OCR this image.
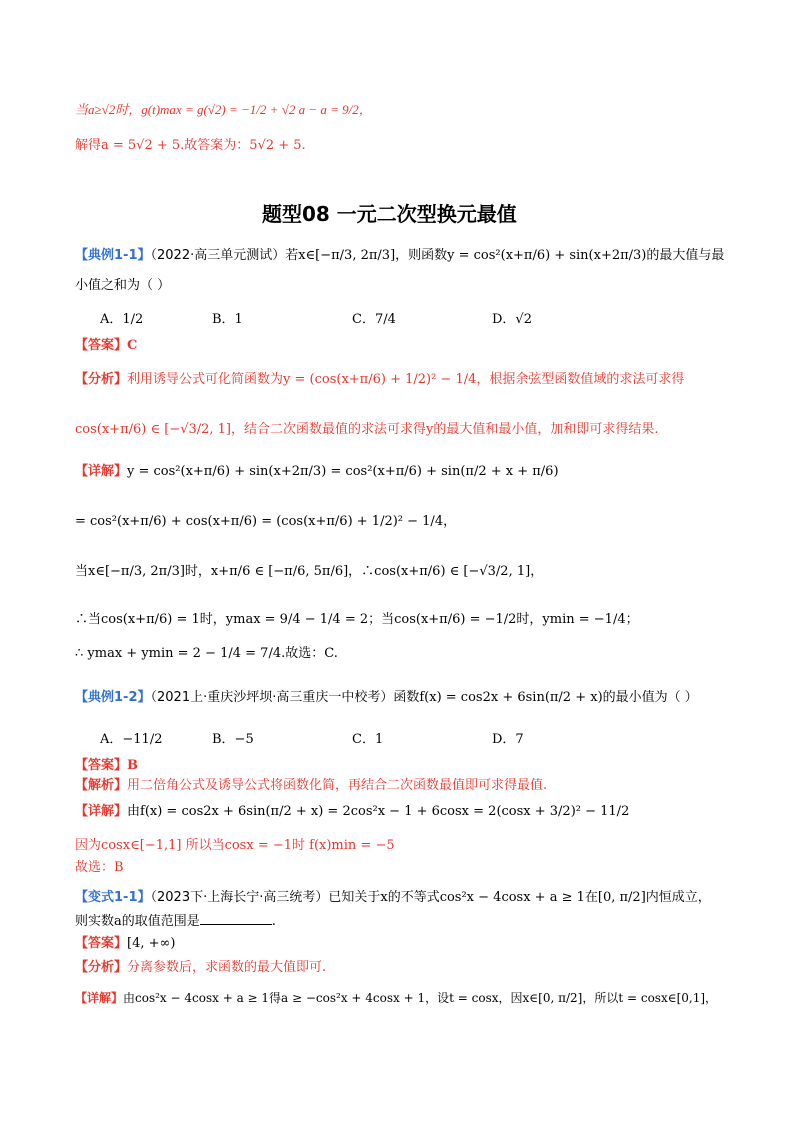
当a≥√2时，g(t)max = g(√2) = −1/2 + √2 a − a = 9/2，
解得a = 5√2 + 5.故答案为：5√2 + 5.
题型08 一元二次型换元最值
【典例1-1】（2022·高三单元测试）若x∈[−π/3, 2π/3]，则函数y = cos²(x+π/6) + sin(x+2π/3)的最大值与最
小值之和为（ ）
A．1/2	B．1	C．7/4	D．√2
【答案】C
【分析】利用诱导公式可化简函数为y = (cos(x+π/6) + 1/2)² − 1/4，根据余弦型函数值域的求法可求得
cos(x+π/6) ∈ [−√3/2, 1]，结合二次函数最值的求法可求得y的最大值和最小值，加和即可求得结果.
【详解】y = cos²(x+π/6) + sin(x+2π/3) = cos²(x+π/6) + sin(π/2 + x + π/6)
= cos²(x+π/6) + cos(x+π/6) = (cos(x+π/6) + 1/2)² − 1/4，
当x∈[−π/3, 2π/3]时，x+π/6 ∈ [−π/6, 5π/6]，∴cos(x+π/6) ∈ [−√3/2, 1]，
∴当cos(x+π/6) = 1时，ymax = 9/4 − 1/4 = 2；当cos(x+π/6) = −1/2时，ymin = −1/4；
∴ ymax + ymin = 2 − 1/4 = 7/4.故选：C.
【典例1-2】（2021上·重庆沙坪坝·高三重庆一中校考）函数f(x) = cos2x + 6sin(π/2 + x)的最小值为（ ）
A．−11/2	B．−5	C．1	D．7
【答案】B
【解析】用二倍角公式及诱导公式将函数化简，再结合二次函数最值即可求得最值.
【详解】由f(x) = cos2x + 6sin(π/2 + x) = 2cos²x − 1 + 6cosx = 2(cosx + 3/2)² − 11/2
因为cosx∈[−1,1] 所以当cosx = −1时 f(x)min = −5
故选：B
【变式1-1】（2023下·上海长宁·高三统考）已知关于x的不等式cos²x − 4cosx + a ≥ 1在[0, π/2]内恒成立，
则实数a的取值范围是	.
【答案】[4, +∞)
【分析】分离参数后，求函数的最大值即可.
【详解】由cos²x − 4cosx + a ≥ 1得a ≥ −cos²x + 4cosx + 1，设t = cosx，因x∈[0, π/2]，所以t = cosx∈[0,1]，
